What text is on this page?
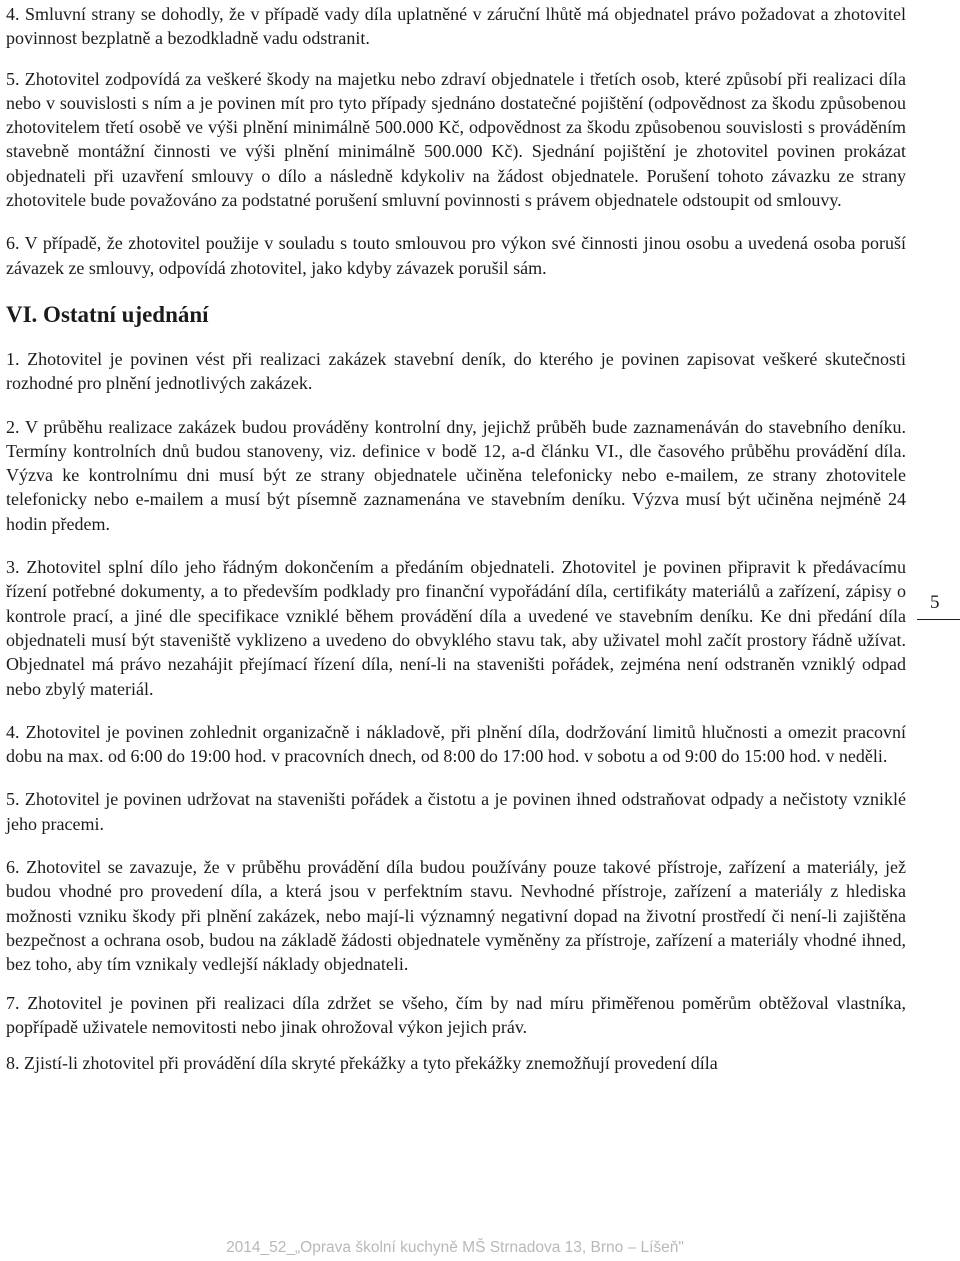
4. Smluvní strany se dohodly, že v případě vady díla uplatněné v záruční lhůtě má objednatel právo požadovat a zhotovitel povinnost bezplatně a bezodkladně vadu odstranit.

5. Zhotovitel zodpovídá za veškeré škody na majetku nebo zdraví objednatele i třetích osob, které způsobí při realizaci díla nebo v souvislosti s ním a je povinen mít pro tyto případy sjednáno dostatečné pojištění (odpovědnost za škodu způsobenou zhotovitelem třetí osobě ve výši plnění minimálně 500.000 Kč, odpovědnost za škodu způsobenou souvislosti s prováděním stavebně montážní činnosti ve výši plnění minimálně 500.000 Kč). Sjednání pojištění je zhotovitel povinen prokázat objednateli při uzavření smlouvy o dílo a následně kdykoliv na žádost objednatele. Porušení tohoto závazku ze strany zhotovitele bude považováno za podstatné porušení smluvní povinnosti s právem objednatele odstoupit od smlouvy.

6. V případě, že zhotovitel použije v souladu s touto smlouvou pro výkon své činnosti jinou osobu a uvedená osoba poruší závazek ze smlouvy, odpovídá zhotovitel, jako kdyby závazek porušil sám.

VI. Ostatní ujednání

1. Zhotovitel je povinen vést při realizaci zakázek stavební deník, do kterého je povinen zapisovat veškeré skutečnosti rozhodné pro plnění jednotlivých zakázek.

2. V průběhu realizace zakázek budou prováděny kontrolní dny, jejichž průběh bude zaznamenáván do stavebního deníku. Termíny kontrolních dnů budou stanoveny, viz. definice v bodě 12, a-d článku VI., dle časového průběhu provádění díla. Výzva ke kontrolnímu dni musí být ze strany objednatele učiněna telefonicky nebo e-mailem, ze strany zhotovitele telefonicky nebo e-mailem a musí být písemně zaznamenána ve stavebním deníku. Výzva musí být učiněna nejméně 24 hodin předem.

3. Zhotovitel splní dílo jeho řádným dokončením a předáním objednateli. Zhotovitel je povinen připravit k předávacímu řízení potřebné dokumenty, a to především podklady pro finanční vypořádání díla, certifikáty materiálů a zařízení, zápisy o kontrole prací, a jiné dle specifikace vzniklé během provádění díla a uvedené ve stavebním deníku. Ke dni předání díla objednateli musí být staveniště vyklizeno a uvedeno do obvyklého stavu tak, aby uživatel mohl začít prostory řádně užívat. Objednatel má právo nezahájit přejímací řízení díla, není-li na staveništi pořádek, zejména není odstraněn vzniklý odpad nebo zbylý materiál.

4. Zhotovitel je povinen zohlednit organizačně i nákladově, při plnění díla, dodržování limitů hlučnosti a omezit pracovní dobu na max. od 6:00 do 19:00 hod. v pracovních dnech, od 8:00 do 17:00 hod. v sobotu a od 9:00 do 15:00 hod. v neděli.

5. Zhotovitel je povinen udržovat na staveništi pořádek a čistotu a je povinen ihned odstraňovat odpady a nečistoty vzniklé jeho pracemi.

6. Zhotovitel se zavazuje, že v průběhu provádění díla budou používány pouze takové přístroje, zařízení a materiály, jež budou vhodné pro provedení díla, a která jsou v perfektním stavu. Nevhodné přístroje, zařízení a materiály z hlediska možnosti vzniku škody při plnění zakázek, nebo mají-li významný negativní dopad na životní prostředí či není-li zajištěna bezpečnost a ochrana osob, budou na základě žádosti objednatele vyměněny za přístroje, zařízení a materiály vhodné ihned, bez toho, aby tím vznikaly vedlejší náklady objednateli.

7. Zhotovitel je povinen při realizaci díla zdržet se všeho, čím by nad míru přiměřenou poměrům obtěžoval vlastníka, popřípadě uživatele nemovitosti nebo jinak ohrožoval výkon jejich práv.

8. Zjistí-li zhotovitel při provádění díla skryté překážky a tyto překážky znemožňují provedení díla

5
2014_52_„Oprava školní kuchyně MŠ Strnadova 13, Brno – Líšeň"
